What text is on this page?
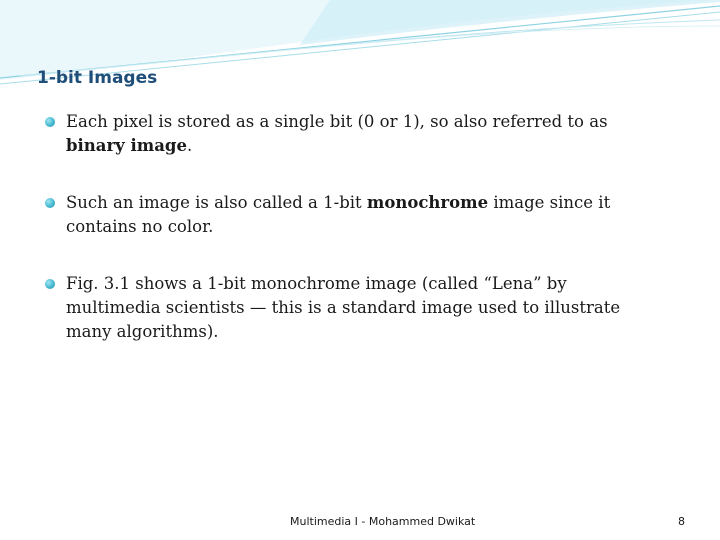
1-bit Images
Each pixel is stored as a single bit (0 or 1), so also referred to as binary image.
Such an image is also called a 1-bit monochrome image since it contains no color.
Fig. 3.1 shows a 1-bit monochrome image (called “Lena” by multimedia scientists — this is a standard image used to illustrate many algorithms).
Multimedia I - Mohammed Dwikat	8
